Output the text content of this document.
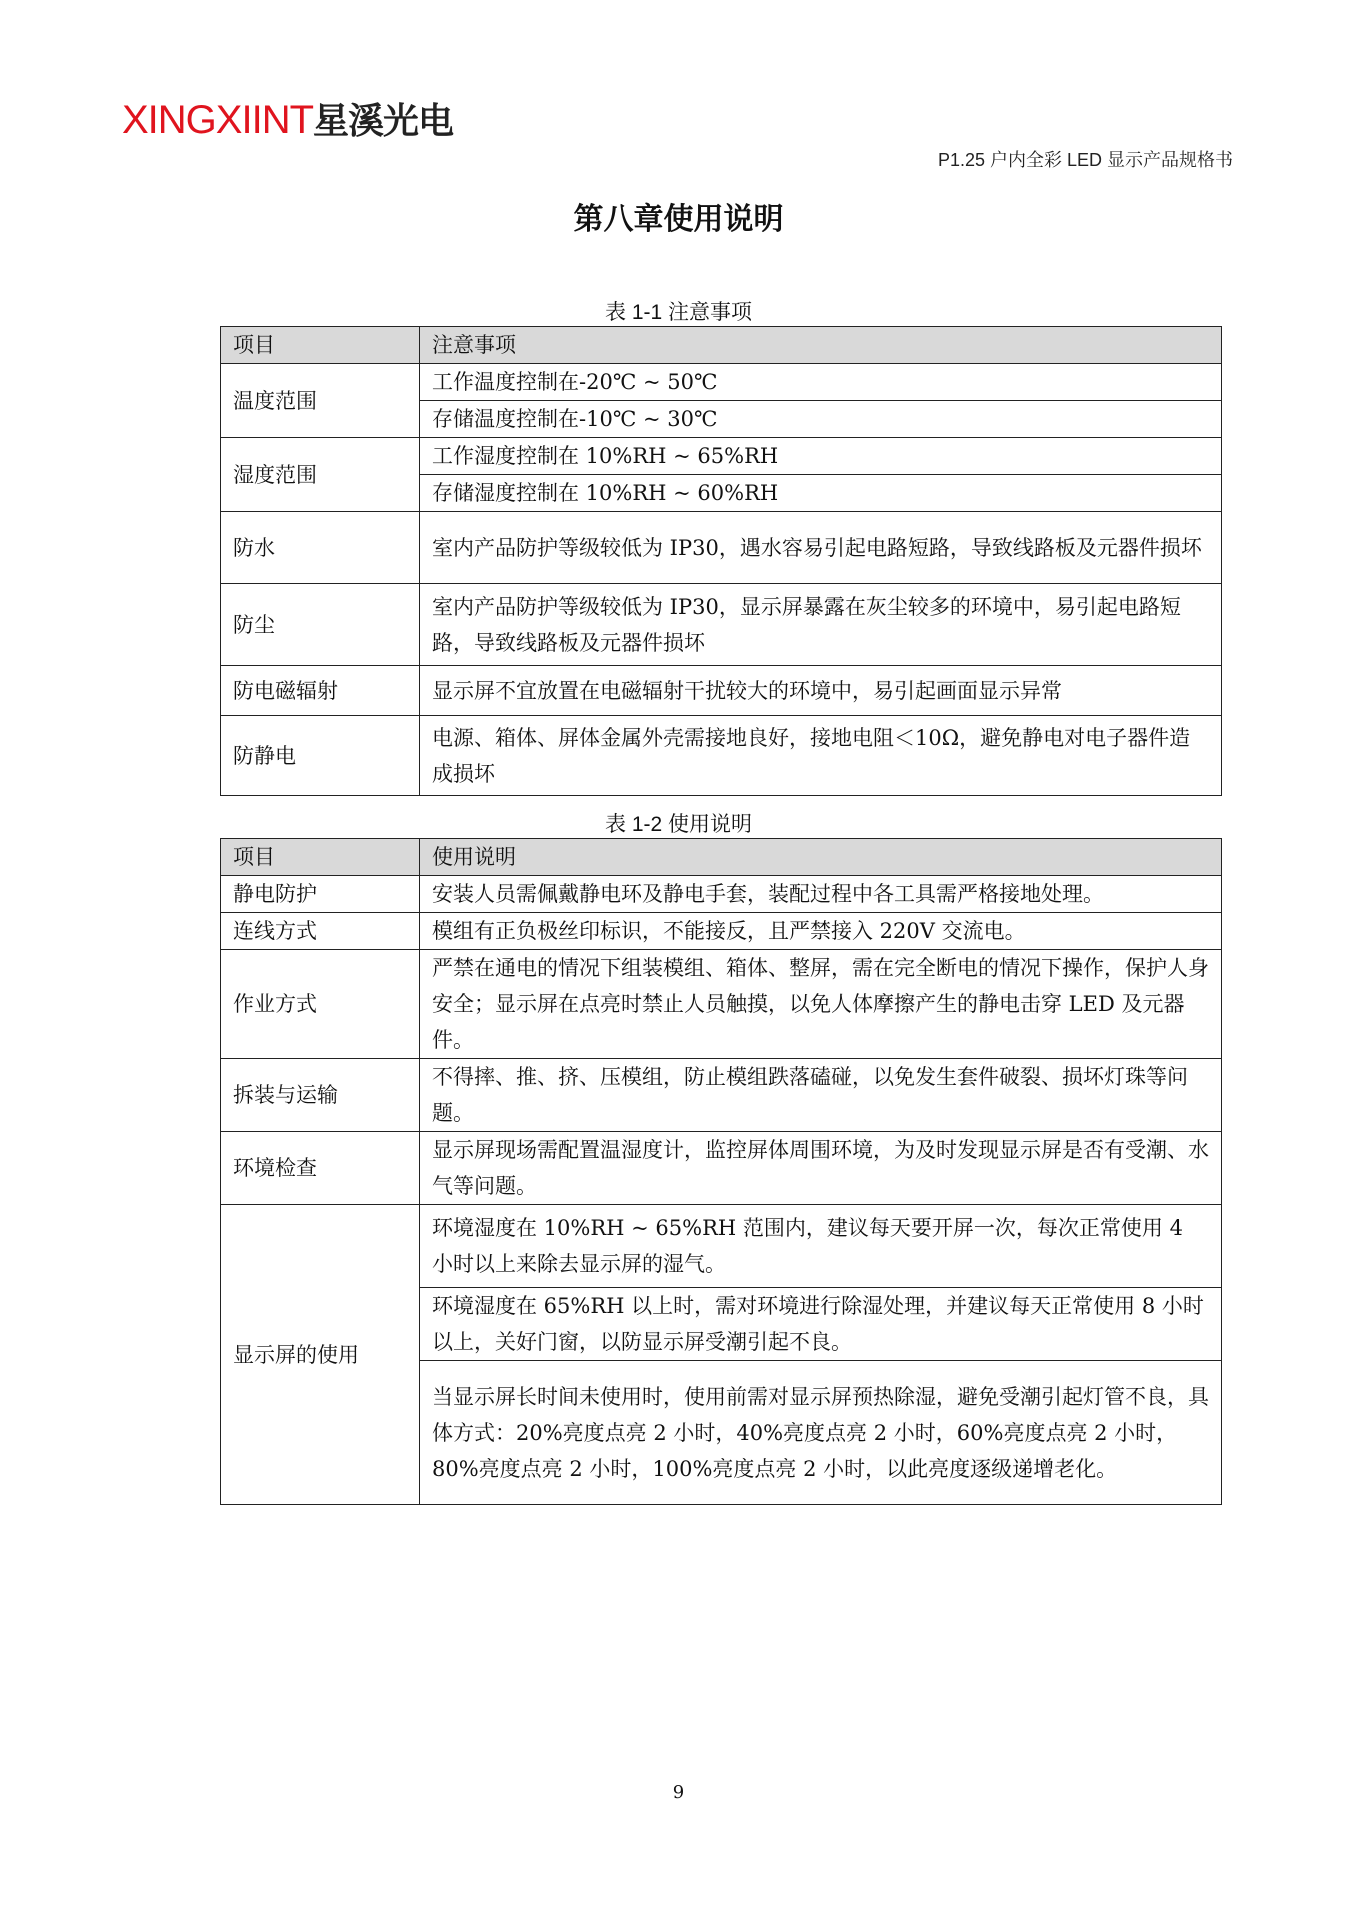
XINGXIINT星溪光电
P1.25 户内全彩 LED 显示产品规格书
第八章使用说明
表 1-1 注意事项
项目	注意事项
温度范围	工作温度控制在-20℃ ~ 50℃
	存储温度控制在-10℃ ~ 30℃
湿度范围	工作湿度控制在 10%RH ~ 65%RH
	存储湿度控制在 10%RH ~ 60%RH
防水	室内产品防护等级较低为 IP30，遇水容易引起电路短路，导致线路板及元器件损坏
防尘	室内产品防护等级较低为 IP30，显示屏暴露在灰尘较多的环境中，易引起电路短路，导致线路板及元器件损坏
防电磁辐射	显示屏不宜放置在电磁辐射干扰较大的环境中，易引起画面显示异常
防静电	电源、箱体、屏体金属外壳需接地良好，接地电阻＜10Ω，避免静电对电子器件造成损坏
表 1-2 使用说明
项目	使用说明
静电防护	安装人员需佩戴静电环及静电手套，装配过程中各工具需严格接地处理。
连线方式	模组有正负极丝印标识，不能接反，且严禁接入 220V 交流电。
作业方式	严禁在通电的情况下组装模组、箱体、整屏，需在完全断电的情况下操作，保护人身安全；显示屏在点亮时禁止人员触摸，以免人体摩擦产生的静电击穿 LED 及元器件。
拆装与运输	不得摔、推、挤、压模组，防止模组跌落磕碰，以免发生套件破裂、损坏灯珠等问题。
环境检查	显示屏现场需配置温湿度计，监控屏体周围环境，为及时发现显示屏是否有受潮、水气等问题。
显示屏的使用	环境湿度在 10%RH ~ 65%RH 范围内，建议每天要开屏一次，每次正常使用 4 小时以上来除去显示屏的湿气。
	环境湿度在 65%RH 以上时，需对环境进行除湿处理，并建议每天正常使用 8 小时以上，关好门窗，以防显示屏受潮引起不良。
	当显示屏长时间未使用时，使用前需对显示屏预热除湿，避免受潮引起灯管不良，具体方式：20%亮度点亮 2 小时，40%亮度点亮 2 小时，60%亮度点亮 2 小时，80%亮度点亮 2 小时，100%亮度点亮 2 小时，以此亮度逐级递增老化。
9
